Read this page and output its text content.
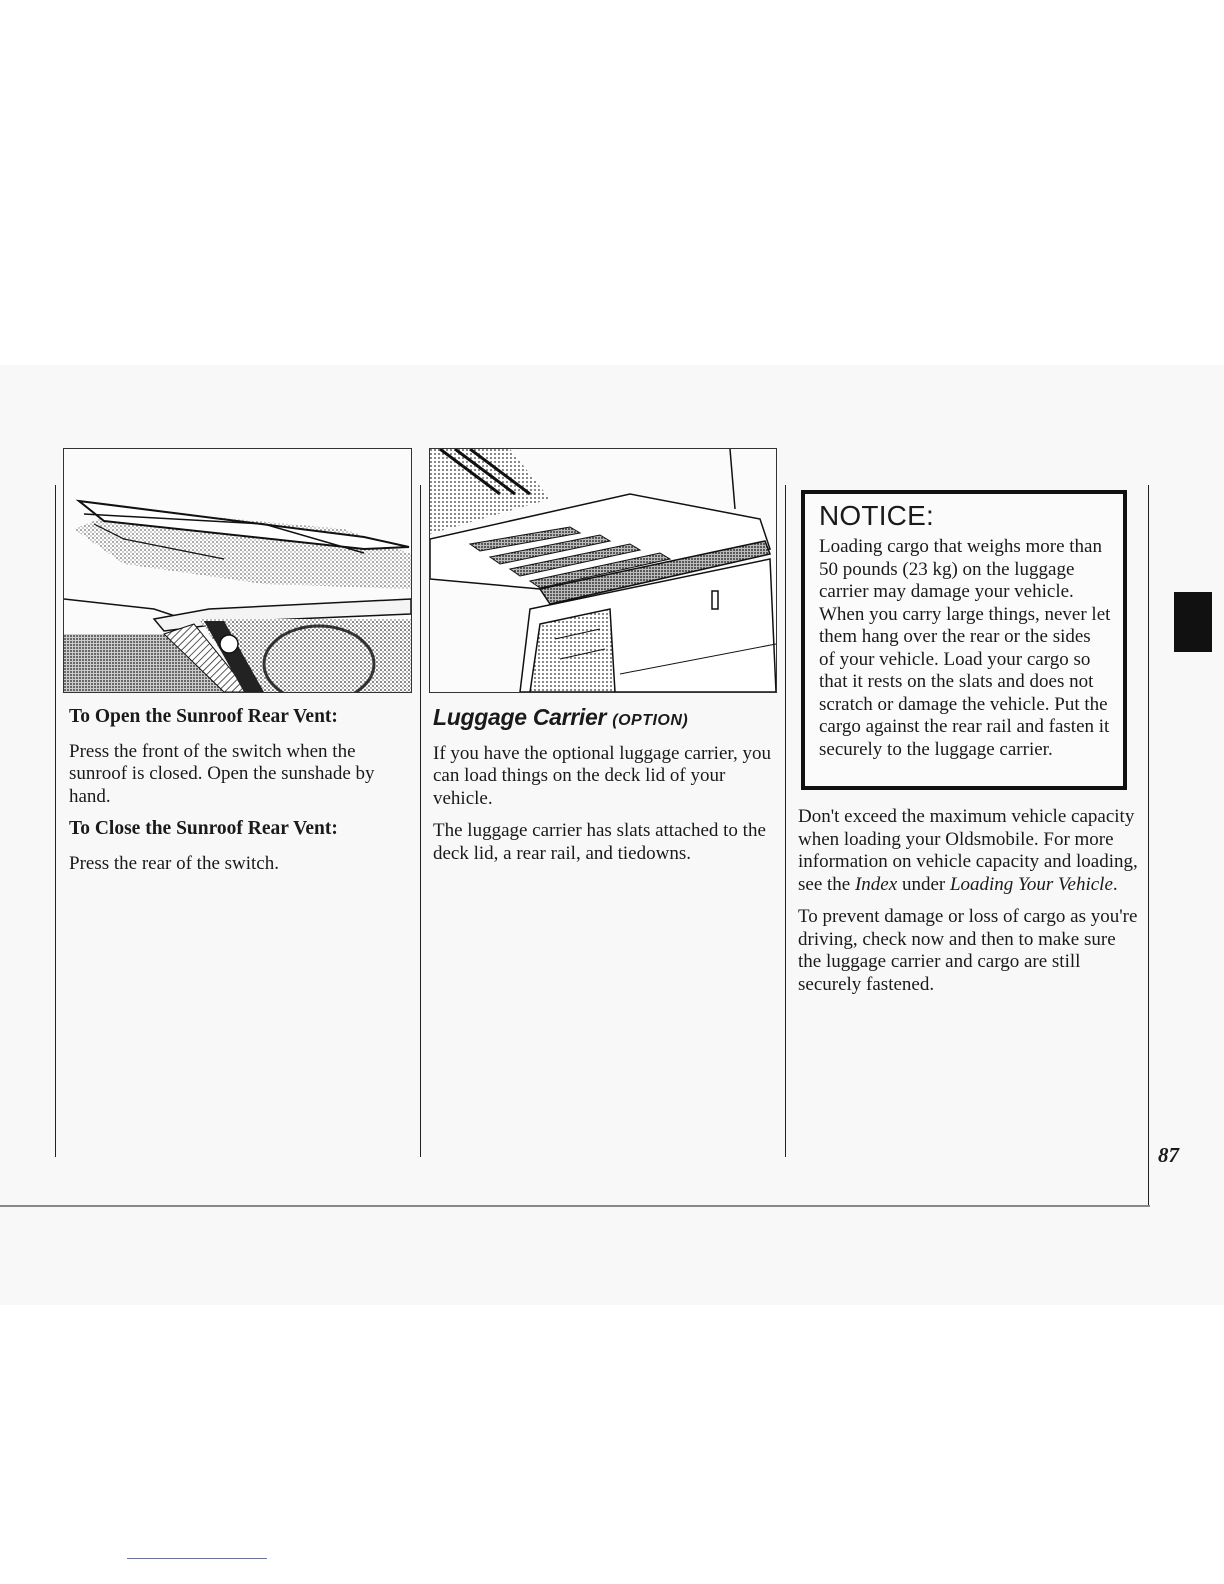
To Open the Sunroof Rear Vent:

Press the front of the switch when the sunroof is closed. Open the sunshade by hand.

To Close the Sunroof Rear Vent:

Press the rear of the switch.

Luggage Carrier (OPTION)

If you have the optional luggage carrier, you can load things on the deck lid of your vehicle.

The luggage carrier has slats attached to the deck lid, a rear rail, and tiedowns.

NOTICE:

Loading cargo that weighs more than 50 pounds (23 kg) on the luggage carrier may damage your vehicle. When you carry large things, never let them hang over the rear or the sides of your vehicle. Load your cargo so that it rests on the slats and does not scratch or damage the vehicle. Put the cargo against the rear rail and fasten it securely to the luggage carrier.

Don't exceed the maximum vehicle capacity when loading your Oldsmobile. For more information on vehicle capacity and loading, see the Index under Loading Your Vehicle.

To prevent damage or loss of cargo as you're driving, check now and then to make sure the luggage carrier and cargo are still securely fastened.

87
